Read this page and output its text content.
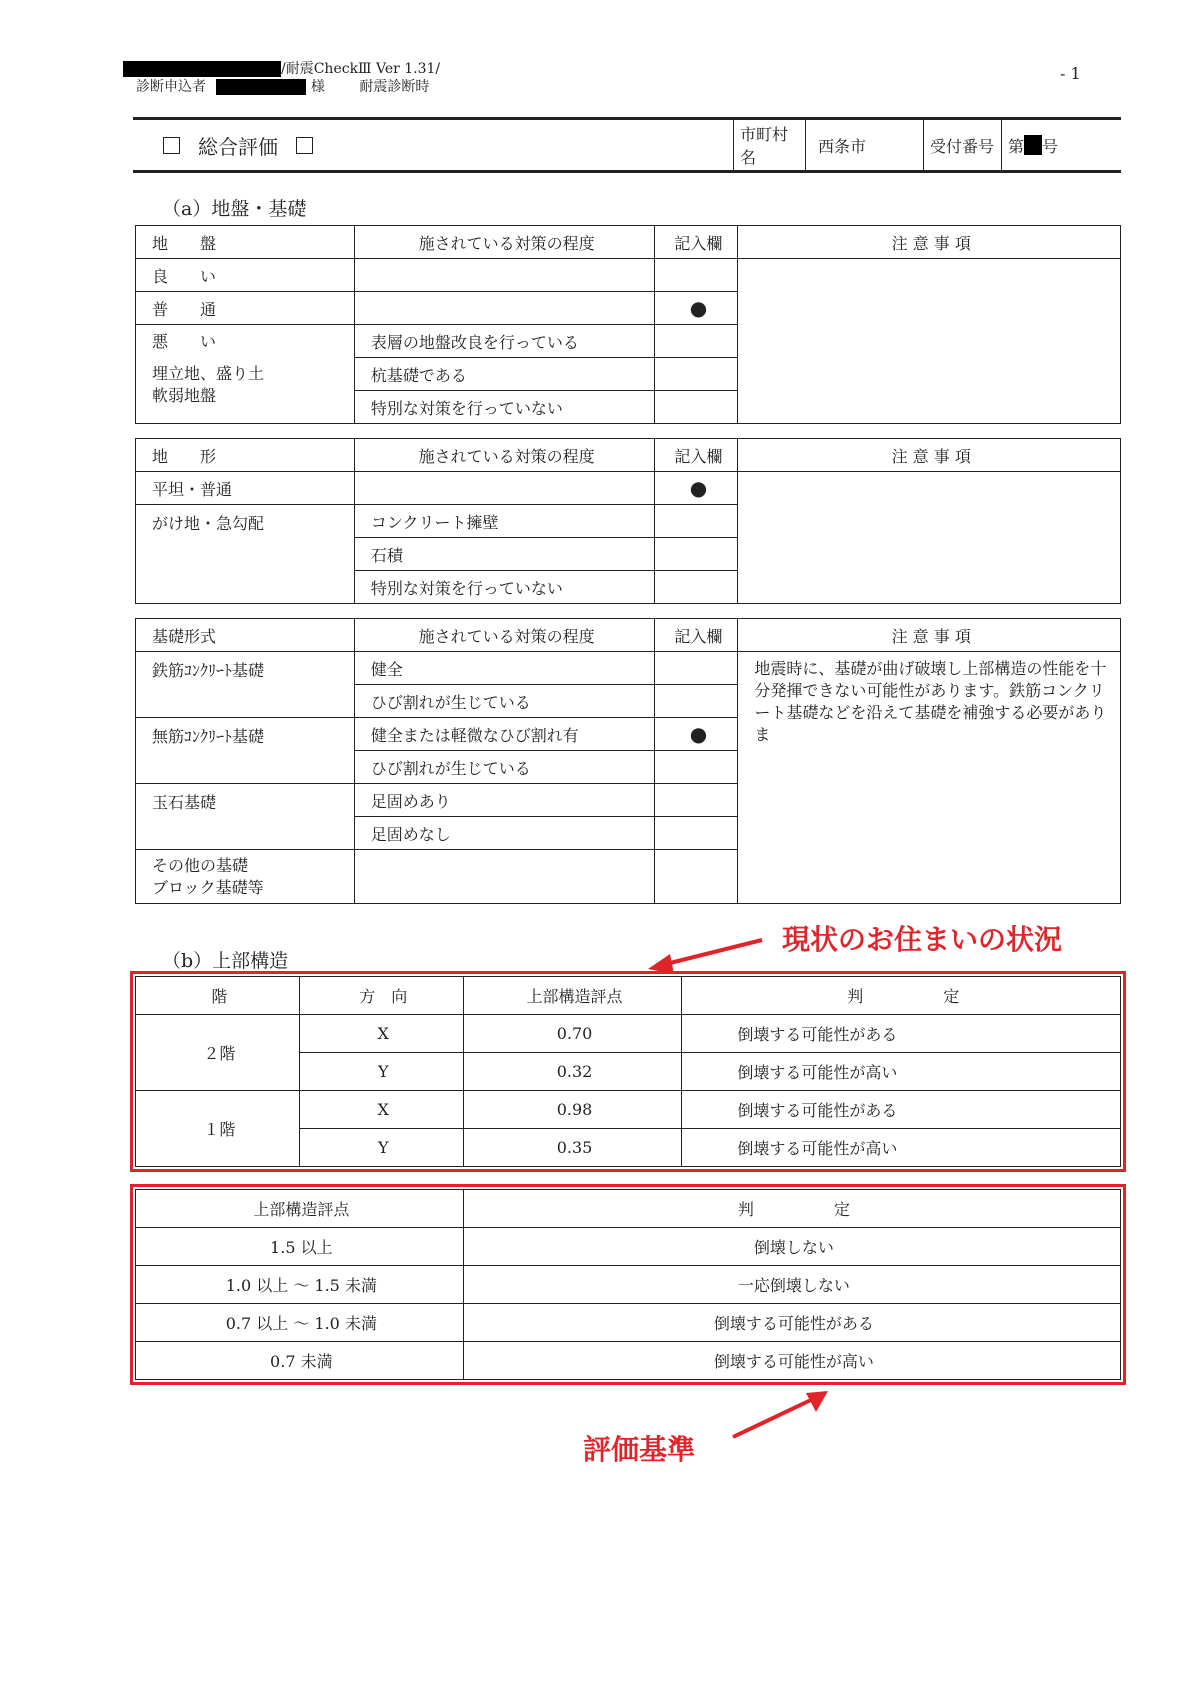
/耐震CheckⅢ Ver 1.31/
診断申込者	様 耐震診断時
- 1
総合評価	市町村名
西条市	受付番号 第 号
（a）地盤・基礎
地　　盤	施されている対策の程度	記入欄	注 意 事 項
良　　い			
普　　通		●	

悪　　い
埋立地、盛り土
軟弱地盤	表層の地盤改良を行っている		
	杭基礎である		
	特別な対策を行っていない		
地　　形	施されている対策の程度	記入欄	注 意 事 項
平坦・普通		●	
がけ地・急勾配	コンクリート擁壁		
	石積		
	特別な対策を行っていない		
基礎形式	施されている対策の程度	記入欄	注 意 事 項
鉄筋ｺﾝｸﾘｰﾄ基礎	健全		地震時に、基礎が曲げ破壊し上部構造の性能を十分発揮できない可能性があります。鉄筋コンクリート基礎などを沿えて基礎を補強する必要がありま
	ひび割れが生じている		
無筋ｺﾝｸﾘｰﾄ基礎	健全または軽微なひび割れ有	●	
	ひび割れが生じている		
玉石基礎	足固めあり		
	足固めなし		

その他の基礎
ブロック基礎等			

（b）上部構造
現状のお住まいの状況
階	方　向	上部構造評点	判　　　　　定
２階	X	0.70	倒壊する可能性がある
	Y	0.32	倒壊する可能性が高い
１階	X	0.98	倒壊する可能性がある
	Y	0.35	倒壊する可能性が高い
上部構造評点	判　　　　　定
1.5 以上	倒壊しない
1.0 以上 ～ 1.5 未満	一応倒壊しない
0.7 以上 ～ 1.0 未満	倒壊する可能性がある
0.7 未満	倒壊する可能性が高い
評価基準
